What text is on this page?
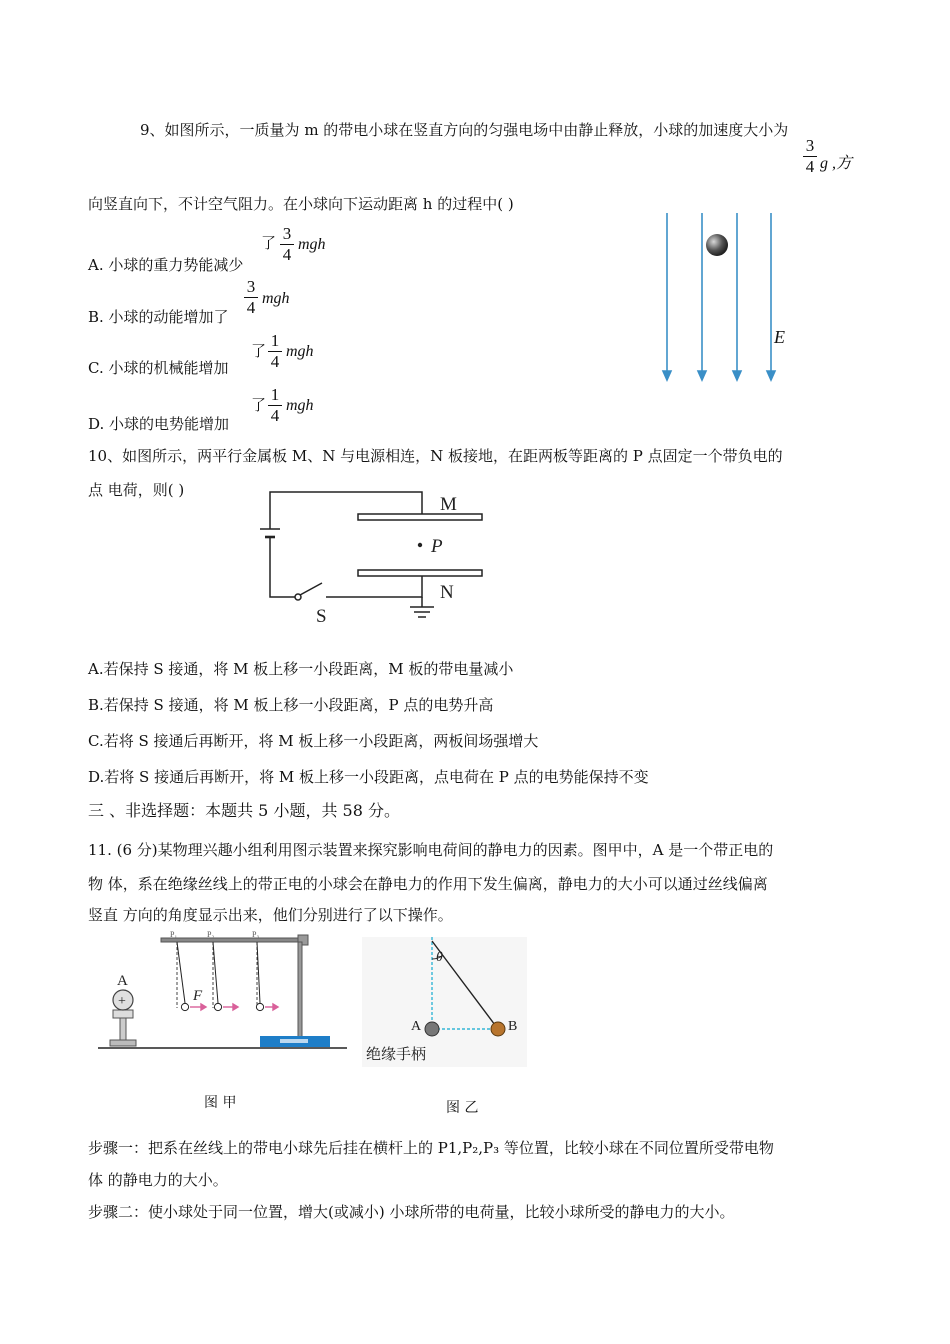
9、如图所示，一质量为 m 的带电小球在竖直方向的匀强电场中由静止释放，小球的加速度大小为
3
4 g ,方
向竖直向下，不计空气阻力。在小球向下运动距离 h 的过程中( )
A. 小球的重力势能减少
了 3
4
mgh
B. 小球的动能增加了
3
4 mgh
C. 小球的机械能增加
了
1
4
mgh
D. 小球的电势能增加
了
1
4
mgh
E
10、如图所示，两平行金属板 M、N 与电源相连，N 板接地，在距两板等距离的 P 点固定一个带负电的
点 电荷，则( )
M
P
N
S
A.若保持 S 接通，将 M 板上移一小段距离，M 板的带电量减小
B.若保持 S 接通，将 M 板上移一小段距离，P 点的电势升高
C.若将 S 接通后再断开，将 M 板上移一小段距离，两板间场强增大
D.若将 S 接通后再断开，将 M 板上移一小段距离，点电荷在 P 点的电势能保持不变
三 、非选择题：本题共 5 小题，共 58 分。
11. (6 分)某物理兴趣小组利用图示装置来探究影响电荷间的静电力的因素。图甲中，A 是一个带正电的
物 体，系在绝缘丝线上的带正电的小球会在静电力的作用下发生偏离，静电力的大小可以通过丝线偏离
竖直 方向的角度显示出来，他们分别进行了以下操作。
+
A
P₁	P₂	P₃
F
图 甲
θ
A	B
绝缘手柄
图 乙
步骤一：把系在丝线上的带电小球先后挂在横杆上的 P1,P₂,P₃ 等位置，比较小球在不同位置所受带电物
体 的静电力的大小。
步骤二：使小球处于同一位置，增大(或减小) 小球所带的电荷量，比较小球所受的静电力的大小。
